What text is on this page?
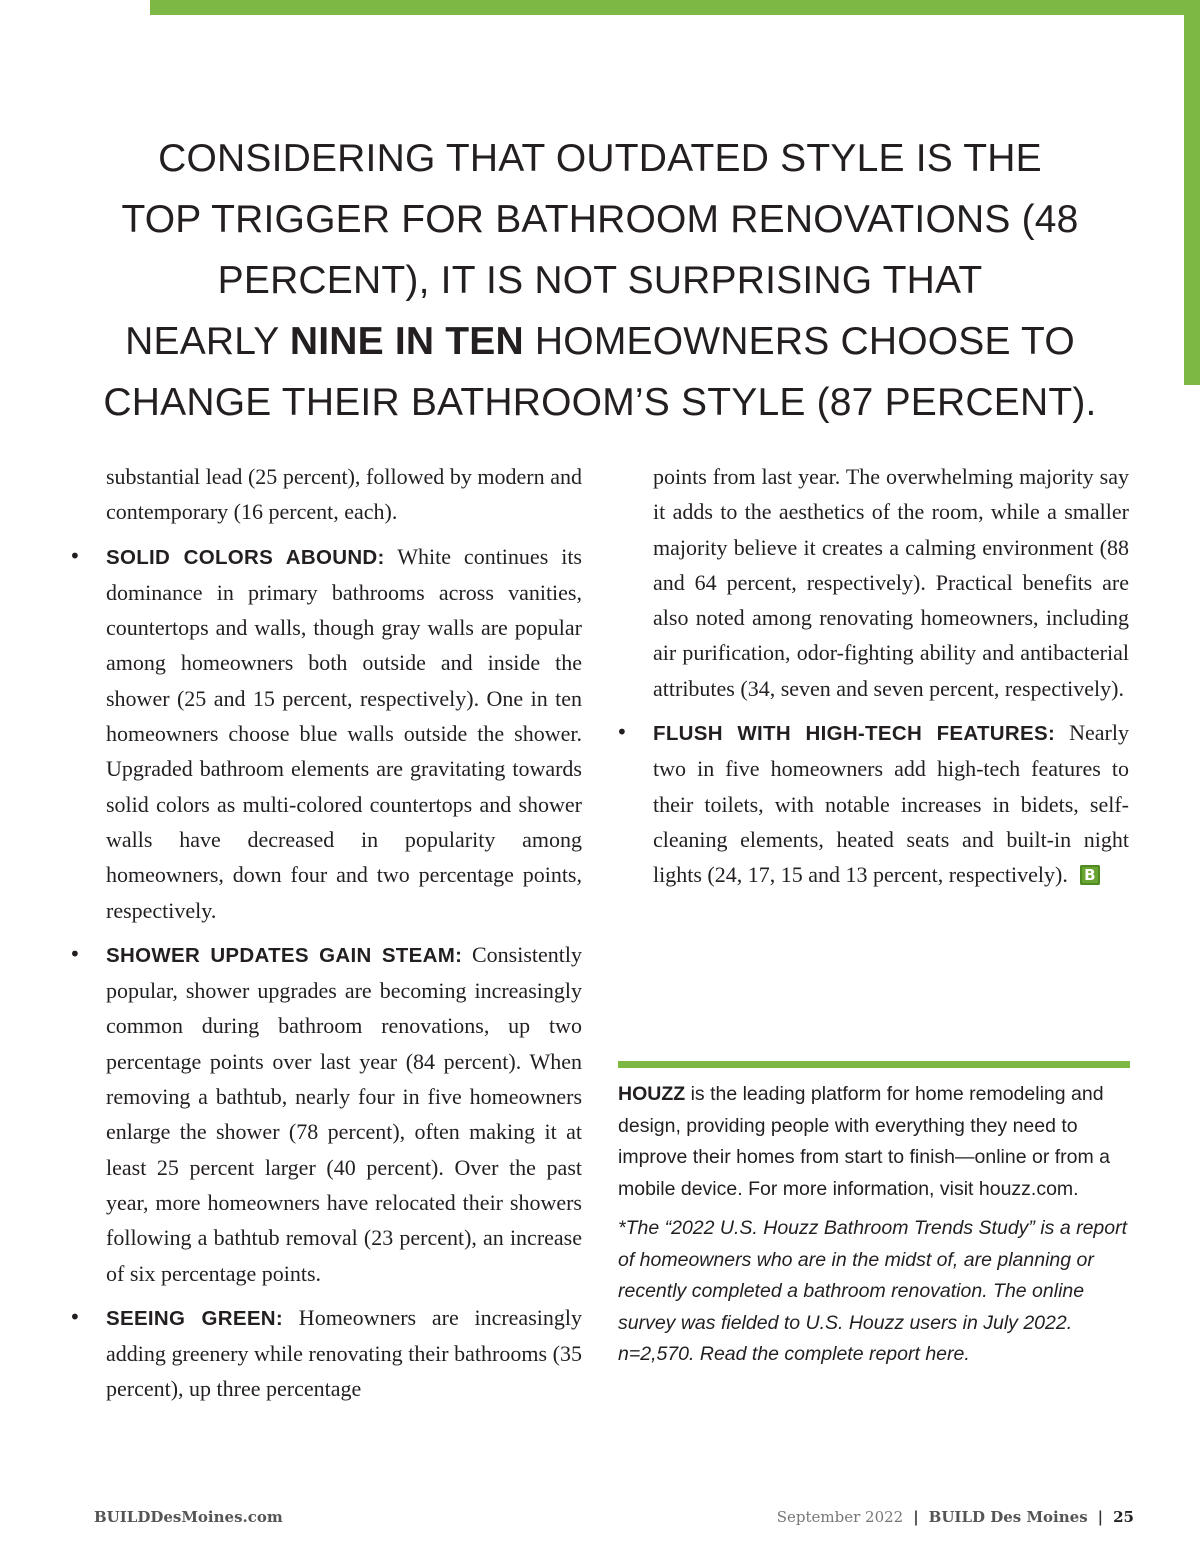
CONSIDERING THAT OUTDATED STYLE IS THE
TOP TRIGGER FOR BATHROOM RENOVATIONS (48
PERCENT), IT IS NOT SURPRISING THAT
NEARLY NINE IN TEN HOMEOWNERS CHOOSE TO
CHANGE THEIR BATHROOM’S STYLE (87 PERCENT).

substantial lead (25 percent), followed by modern and contemporary (16 percent, each).

• SOLID COLORS ABOUND: White continues its dominance in primary bathrooms across vanities, countertops and walls, though gray walls are popular among homeowners both outside and inside the shower (25 and 15 percent, respectively). One in ten homeowners choose blue walls outside the shower. Upgraded bathroom elements are gravitating towards solid colors as multi-colored countertops and shower walls have decreased in popularity among homeowners, down four and two percentage points, respectively.
• SHOWER UPDATES GAIN STEAM: Consistently popular, shower upgrades are becoming increasingly common during bathroom renovations, up two percentage points over last year (84 percent). When removing a bathtub, nearly four in five homeowners enlarge the shower (78 percent), often making it at least 25 percent larger (40 percent). Over the past year, more homeowners have relocated their showers following a bathtub removal (23 percent), an increase of six percentage points.
• SEEING GREEN: Homeowners are increasingly adding greenery while renovating their bathrooms (35 percent), up three percentage

points from last year. The overwhelming majority say it adds to the aesthetics of the room, while a smaller majority believe it creates a calming environment (88 and 64 percent, respectively). Practical benefits are also noted among renovating homeowners, including air purification, odor-fighting ability and antibacterial attributes (34, seven and seven percent, respectively).

• FLUSH WITH HIGH-TECH FEATURES: Nearly two in five homeowners add high-tech features to their toilets, with notable increases in bidets, self-cleaning elements, heated seats and built-in night lights (24, 17, 15 and 13 percent, respectively). B

HOUZZ is the leading platform for home remodeling and design, providing people with everything they need to improve their homes from start to finish—online or from a mobile device. For more information, visit houzz.com.

*The “2022 U.S. Houzz Bathroom Trends Study” is a report of homeowners who are in the midst of, are planning or recently completed a bathroom renovation. The online survey was fielded to U.S. Houzz users in July 2022. n=2,570. Read the complete report here.

BUILDDesMoines.com	September 2022 | BUILD Des Moines | 25
